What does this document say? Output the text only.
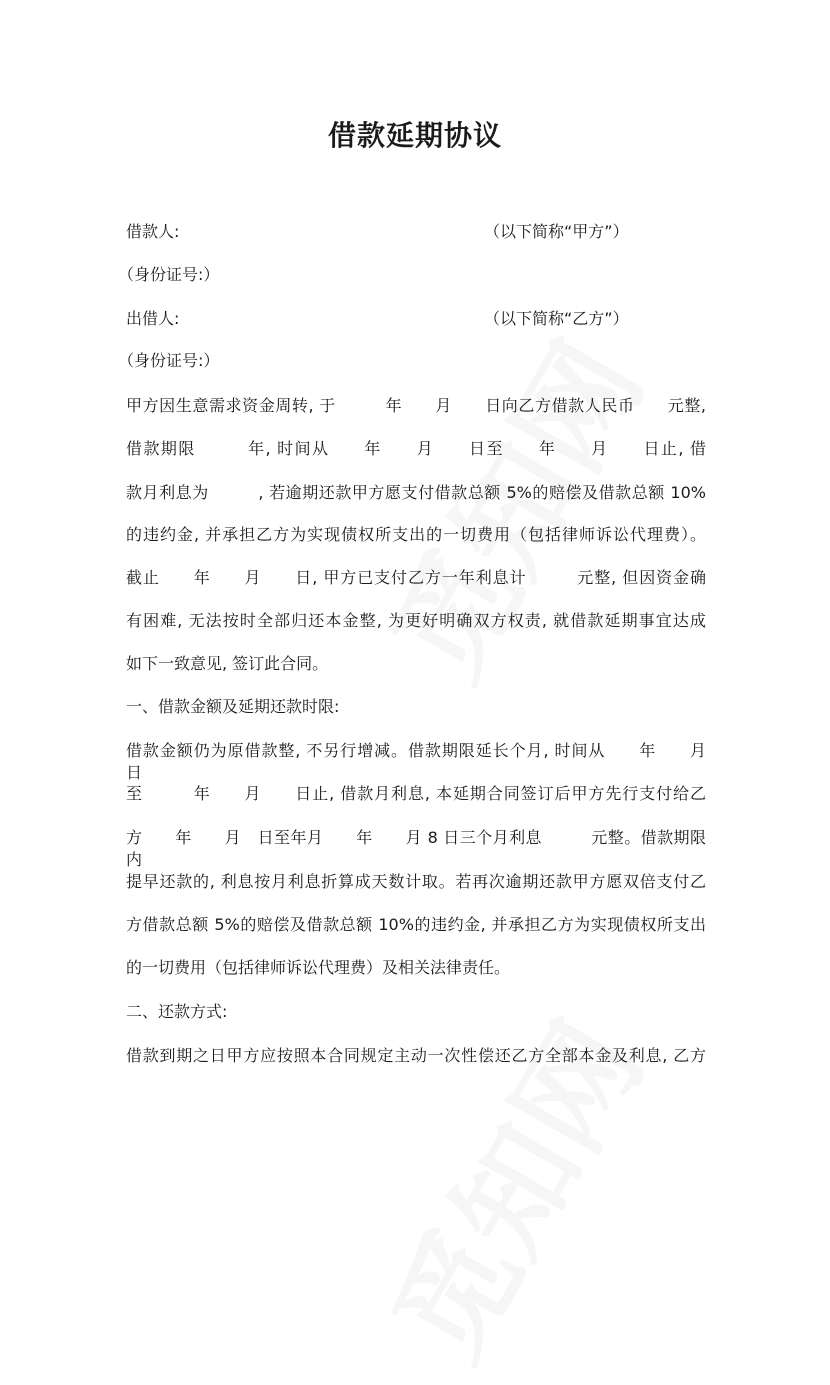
借款延期协议
借款人:	（以下简称“甲方”）
（身份证号:）
出借人:	（以下简称“乙方”）
（身份证号:）
甲方因生意需求资金周转, 于　　　年　　月　　日向乙方借款人民币　　元整,
借款期限　　　年, 时间从　　年　　月　　日至　　年　　月　　日止, 借
款月利息为　　　, 若逾期还款甲方愿支付借款总额 5%的赔偿及借款总额 10%
的违约金, 并承担乙方为实现债权所支出的一切费用（包括律师诉讼代理费）。
截止　　年　　月　　日, 甲方已支付乙方一年利息计　　　元整, 但因资金确
有困难, 无法按时全部归还本金整, 为更好明确双方权责, 就借款延期事宜达成
如下一致意见, 签订此合同。
一、借款金额及延期还款时限:
借款金额仍为原借款整, 不另行增减。借款期限延长个月, 时间从　　年　　月　日
至　　　年　　月　　日止, 借款月利息, 本延期合同签订后甲方先行支付给乙
方　　年　　月　日至年月　　年　　月 8 日三个月利息　　　元整。借款期限内
提早还款的, 利息按月利息折算成天数计取。若再次逾期还款甲方愿双倍支付乙
方借款总额 5%的赔偿及借款总额 10%的违约金, 并承担乙方为实现债权所支出
的一切费用（包括律师诉讼代理费）及相关法律责任。
二、还款方式:
借款到期之日甲方应按照本合同规定主动一次性偿还乙方全部本金及利息, 乙方
